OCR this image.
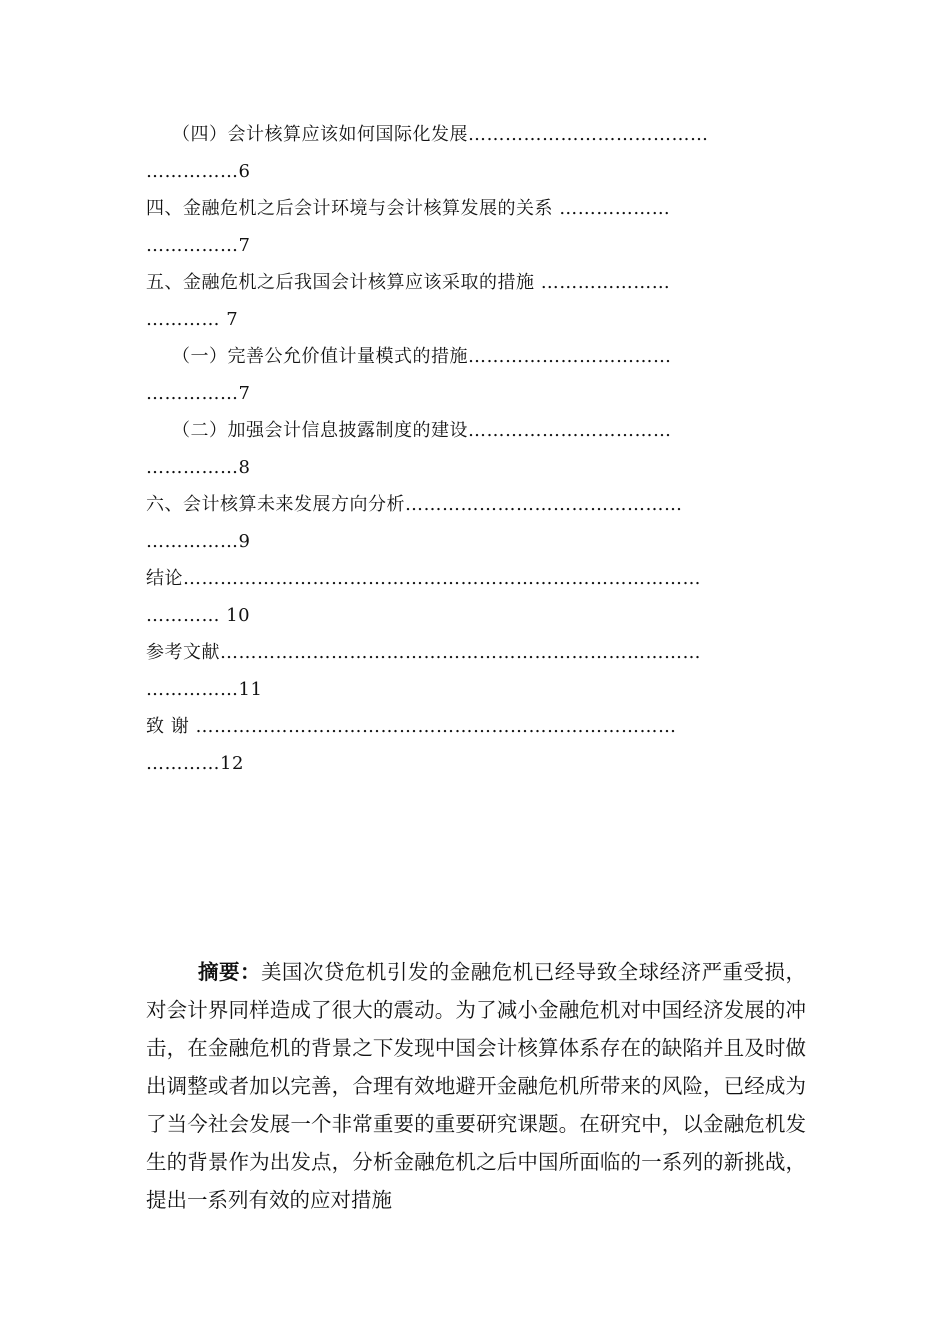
（四）会计核算应该如何国际化发展…………………………………
……………6
四、金融危机之后会计环境与会计核算发展的关系 ………………
……………7
五、金融危机之后我国会计核算应该采取的措施 …………………
………… 7
（一）完善公允价值计量模式的措施……………………………
……………7
（二）加强会计信息披露制度的建设……………………………
……………8
六、会计核算未来发展方向分析………………………………………
……………9
结论…………………………………………………………………………
………… 10
参考文献……………………………………………………………………
……………11
致 谢 ……………………………………………………………………
…………12

摘要：美国次贷危机引发的金融危机已经导致全球经济严重受损，对会计界同样造成了很大的震动。为了减小金融危机对中国经济发展的冲击，在金融危机的背景之下发现中国会计核算体系存在的缺陷并且及时做出调整或者加以完善，合理有效地避开金融危机所带来的风险，已经成为了当今社会发展一个非常重要的重要研究课题。在研究中，以金融危机发生的背景作为出发点，分析金融危机之后中国所面临的一系列的新挑战，提出一系列有效的应对措施
